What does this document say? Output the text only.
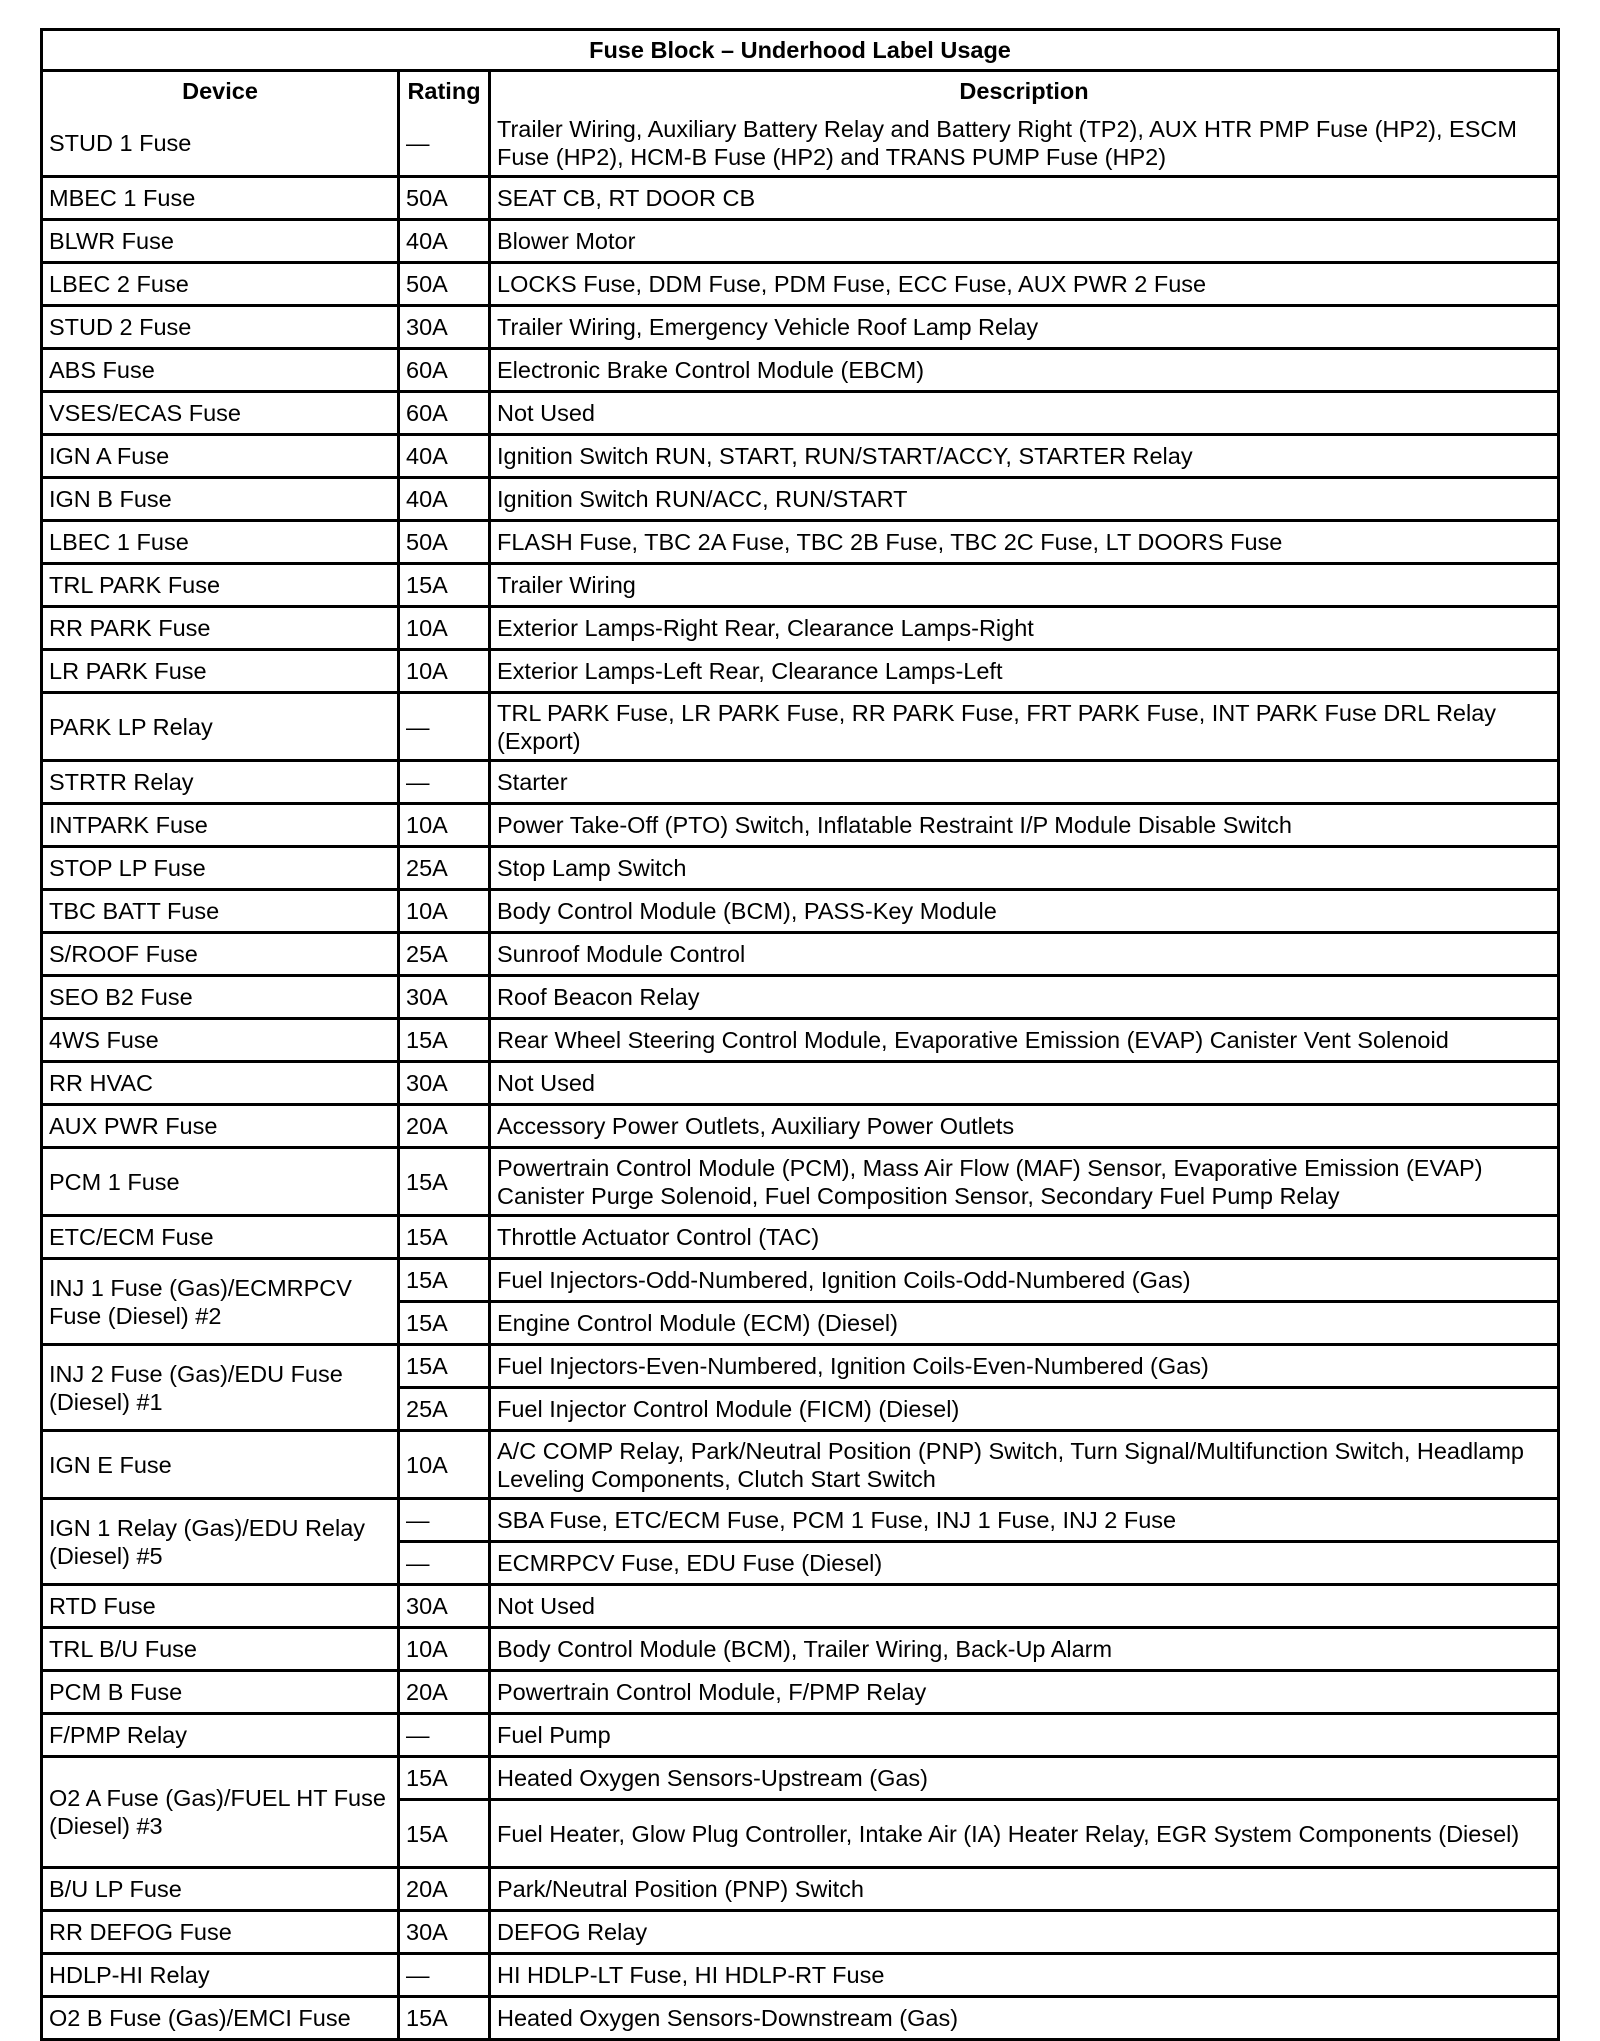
Fuse Block – Underhood Label Usage		
Device	Rating	Description
STUD 1 Fuse	—	Trailer Wiring, Auxiliary Battery Relay and Battery Right (TP2), AUX HTR PMP Fuse (HP2), ESCM Fuse (HP2), HCM-B Fuse (HP2) and TRANS PUMP Fuse (HP2)
MBEC 1 Fuse	50A	SEAT CB, RT DOOR CB
BLWR Fuse	40A	Blower Motor
LBEC 2 Fuse	50A	LOCKS Fuse, DDM Fuse, PDM Fuse, ECC Fuse, AUX PWR 2 Fuse
STUD 2 Fuse	30A	Trailer Wiring, Emergency Vehicle Roof Lamp Relay
ABS Fuse	60A	Electronic Brake Control Module (EBCM)
VSES/ECAS Fuse	60A	Not Used
IGN A Fuse	40A	Ignition Switch RUN, START, RUN/START/ACCY, STARTER Relay
IGN B Fuse	40A	Ignition Switch RUN/ACC, RUN/START
LBEC 1 Fuse	50A	FLASH Fuse, TBC 2A Fuse, TBC 2B Fuse, TBC 2C Fuse, LT DOORS Fuse
TRL PARK Fuse	15A	Trailer Wiring
RR PARK Fuse	10A	Exterior Lamps-Right Rear, Clearance Lamps-Right
LR PARK Fuse	10A	Exterior Lamps-Left Rear, Clearance Lamps-Left
PARK LP Relay	—	TRL PARK Fuse, LR PARK Fuse, RR PARK Fuse, FRT PARK Fuse, INT PARK Fuse DRL Relay (Export)
STRTR Relay	—	Starter
INTPARK Fuse	10A	Power Take-Off (PTO) Switch, Inflatable Restraint I/P Module Disable Switch
STOP LP Fuse	25A	Stop Lamp Switch
TBC BATT Fuse	10A	Body Control Module (BCM), PASS-Key Module
S/ROOF Fuse	25A	Sunroof Module Control
SEO B2 Fuse	30A	Roof Beacon Relay
4WS Fuse	15A	Rear Wheel Steering Control Module, Evaporative Emission (EVAP) Canister Vent Solenoid
RR HVAC	30A	Not Used
AUX PWR Fuse	20A	Accessory Power Outlets, Auxiliary Power Outlets
PCM 1 Fuse	15A	Powertrain Control Module (PCM), Mass Air Flow (MAF) Sensor, Evaporative Emission (EVAP) Canister Purge Solenoid, Fuel Composition Sensor, Secondary Fuel Pump Relay
ETC/ECM Fuse	15A	Throttle Actuator Control (TAC)
INJ 1 Fuse (Gas)/ECMRPCV Fuse (Diesel) #2	15A	Fuel Injectors-Odd-Numbered, Ignition Coils-Odd-Numbered (Gas)
	15A	Engine Control Module (ECM) (Diesel)
INJ 2 Fuse (Gas)/EDU Fuse (Diesel) #1	15A	Fuel Injectors-Even-Numbered, Ignition Coils-Even-Numbered (Gas)
	25A	Fuel Injector Control Module (FICM) (Diesel)
IGN E Fuse	10A	A/C COMP Relay, Park/Neutral Position (PNP) Switch, Turn Signal/Multifunction Switch, Headlamp Leveling Components, Clutch Start Switch
IGN 1 Relay (Gas)/EDU Relay (Diesel) #5	—	SBA Fuse, ETC/ECM Fuse, PCM 1 Fuse, INJ 1 Fuse, INJ 2 Fuse
	—	ECMRPCV Fuse, EDU Fuse (Diesel)
RTD Fuse	30A	Not Used
TRL B/U Fuse	10A	Body Control Module (BCM), Trailer Wiring, Back-Up Alarm
PCM B Fuse	20A	Powertrain Control Module, F/PMP Relay
F/PMP Relay	—	Fuel Pump
O2 A Fuse (Gas)/FUEL HT Fuse (Diesel) #3	15A	Heated Oxygen Sensors-Upstream (Gas)
	15A	Fuel Heater, Glow Plug Controller, Intake Air (IA) Heater Relay, EGR System Components (Diesel)
B/U LP Fuse	20A	Park/Neutral Position (PNP) Switch
RR DEFOG Fuse	30A	DEFOG Relay
HDLP-HI Relay	—	HI HDLP-LT Fuse, HI HDLP-RT Fuse
O2 B Fuse (Gas)/EMCI Fuse	15A	Heated Oxygen Sensors-Downstream (Gas)
